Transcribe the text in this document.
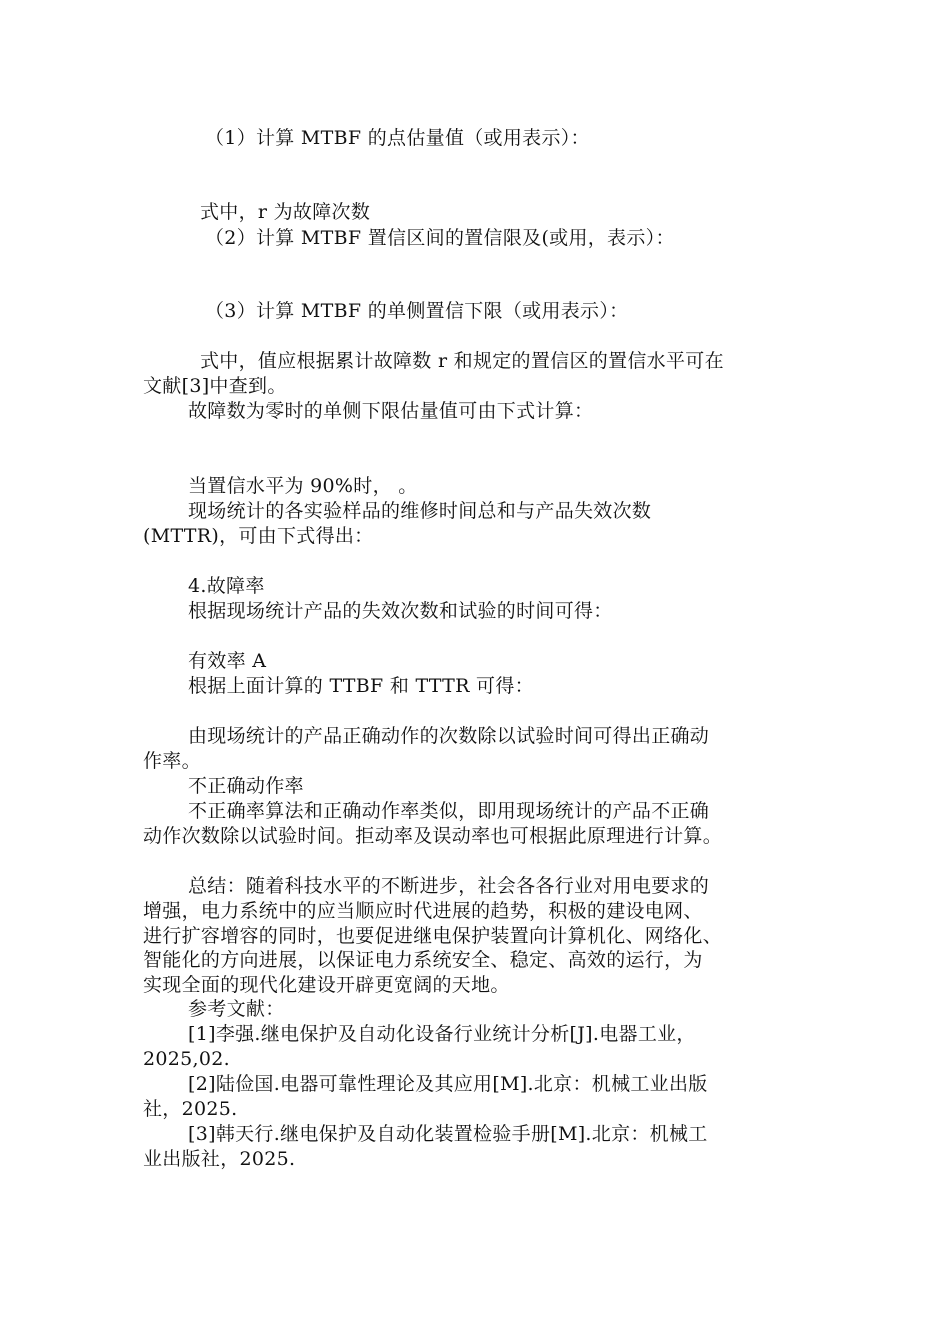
（1）计算 MTBF 的点估量值（或用表示）：
式中，r 为故障次数
（2）计算 MTBF 置信区间的置信限及(或用，表示）：
（3）计算 MTBF 的单侧置信下限（或用表示）：
式中，值应根据累计故障数 r 和规定的置信区的置信水平可在
文献[3]中查到。
故障数为零时的单侧下限估量值可由下式计算：
当置信水平为 90%时， 。
现场统计的各实验样品的维修时间总和与产品失效次数
(MTTR)，可由下式得出：
4.故障率
根据现场统计产品的失效次数和试验的时间可得：
有效率 A
根据上面计算的 TTBF 和 TTTR 可得：
由现场统计的产品正确动作的次数除以试验时间可得出正确动
作率。
不正确动作率
不正确率算法和正确动作率类似，即用现场统计的产品不正确
动作次数除以试验时间。拒动率及误动率也可根据此原理进行计算。
总结：随着科技水平的不断进步，社会各各行业对用电要求的
增强，电力系统中的应当顺应时代进展的趋势，积极的建设电网、
进行扩容增容的同时，也要促进继电保护装置向计算机化、网络化、
智能化的方向进展，以保证电力系统安全、稳定、高效的运行，为
实现全面的现代化建设开辟更宽阔的天地。
参考文献：
[1]李强.继电保护及自动化设备行业统计分析[J].电器工业，
2025,02.
[2]陆俭国.电器可靠性理论及其应用[M].北京：机械工业出版
社，2025.
[3]韩天行.继电保护及自动化装置检验手册[M].北京：机械工
业出版社，2025.
